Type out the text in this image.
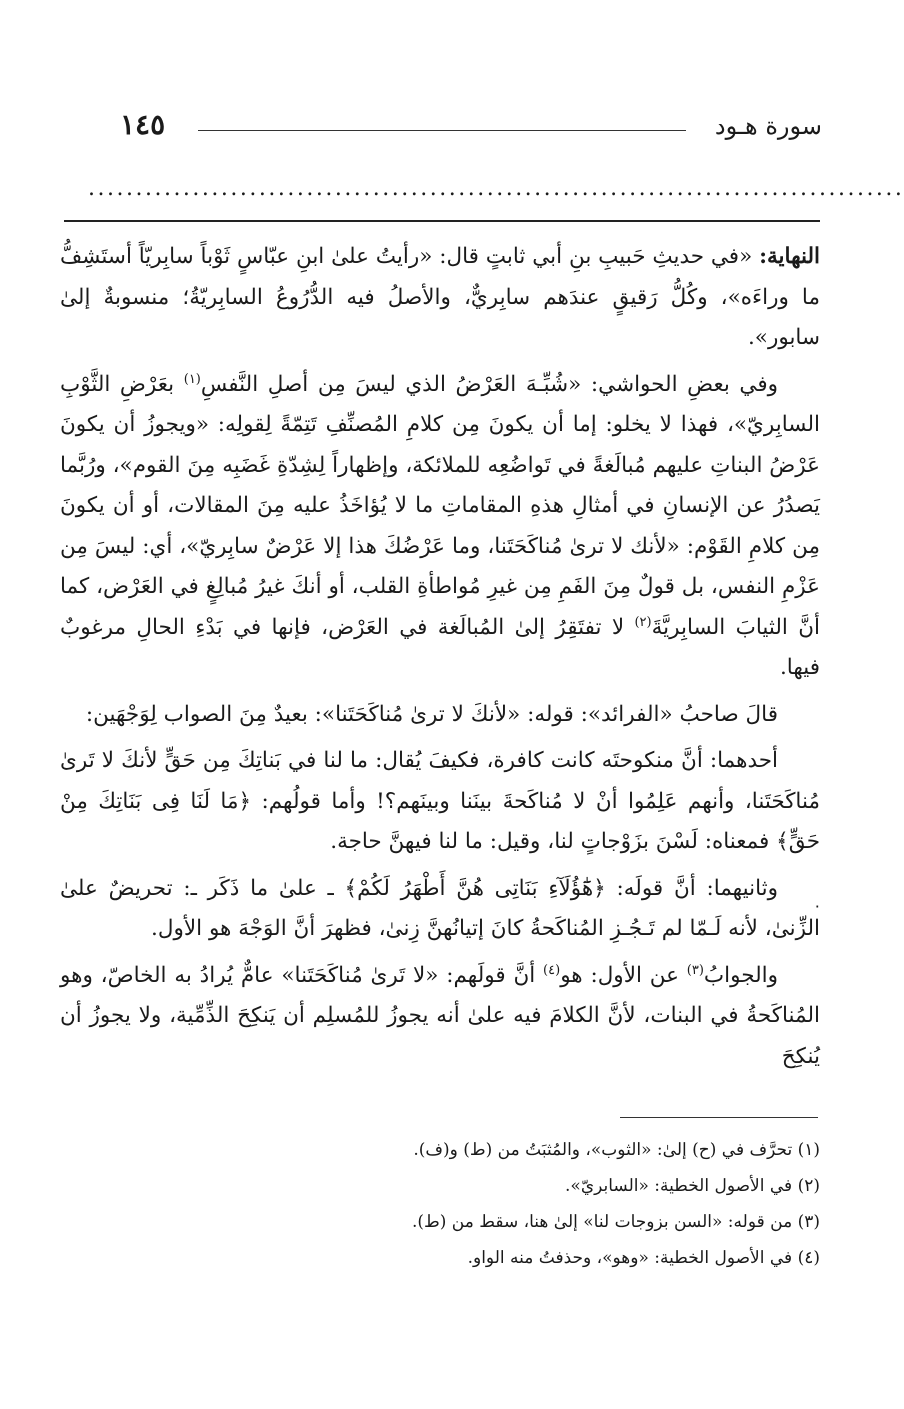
١٤٥	سورة هـود
......................................................................................

النهاية: «في حديثِ حَبيبِ بنِ أبي ثابتٍ قال: «رأيتُ علىٰ ابنِ عبّاسٍ ثَوْباً سابِريّاً أستَشِفُّ ما وراءَه»، وكُلُّ رَقيقٍ عندَهم سابِريٌّ، والأصلُ فيه الدُّرُوعُ السابِريّةُ؛ منسوبةٌ إلىٰ سابور».

وفي بعضِ الحواشي: «شُبِّـهَ العَرْضُ الذي ليسَ مِن أصلِ النَّفسِ$^{(١)}$ بعَرْضِ الثَّوْبِ السابِريّ»، فهذا لا يخلو: إما أن يكونَ مِن كلامِ المُصنِّفِ تَتِمّةً لِقولِه: «ويجوزُ أن يكونَ عَرْضُ البناتِ عليهم مُبالَغةً في تَواضُعِه للملائكة، وإظهاراً لِشِدّةِ غَضَبِه مِنَ القوم»، ورُبَّما يَصدُرُ عن الإنسانِ في أمثالِ هذهِ المقاماتِ ما لا يُؤاخَذُ عليه مِنَ المقالات، أو أن يكونَ مِن كلامِ القَوْم: «لأنك لا ترىٰ مُناكَحَتَنا، وما عَرْضُكَ هذا إلا عَرْضٌ سابِريّ»، أي: ليسَ مِن عَزْمِ النفس، بل قولٌ مِنَ الفَمِ مِن غيرِ مُواطأةِ القلب، أو أنكَ غيرُ مُبالِغٍ في العَرْض، كما أنَّ الثيابَ السابِريَّةَ$^{(٢)}$ لا تفتَقِرُ إلىٰ المُبالَغة في العَرْض، فإنها في بَدْءِ الحالِ مرغوبٌ فيها.

قالَ صاحبُ «الفرائد»: قوله: «لأنكَ لا ترىٰ مُناكَحَتَنا»: بعيدٌ مِنَ الصواب لِوَجْهَين:

أحدهما: أنَّ منكوحتَه كانت كافرة، فكيفَ يُقال: ما لنا في بَناتِكَ مِن حَقٍّ لأنكَ لا تَرىٰ مُناكَحَتَنا، وأنهم عَلِمُوا أنْ لا مُناكَحةَ بينَنا وبينَهم؟! وأما قولُهم: ﴿مَا لَنَا فِى بَنَاتِكَ مِنْ حَقٍّ﴾ فمعناه: لَسْنَ بزَوْجاتٍ لنا، وقيل: ما لنا فيهنَّ حاجة.

وثانيهما: أنَّ قولَه: ﴿هَٰٓؤُلَآءِ بَنَاتِى هُنَّ أَطْهَرُ لَكُمْ﴾ ـ علىٰ ما ذَكَر ـ: تحريضٌ علىٰ الزِّنىٰ، لأنه لَـمّا لم تَـجُـزِ المُناكَحةُ كانَ إتيانُهنَّ زِنىٰ، فظهرَ أنَّ الوَجْهَ هو الأول.

والجوابُ$^{(٣)}$ عن الأول: هو$^{(٤)}$ أنَّ قولَهم: «لا تَرىٰ مُناكَحَتَنا» عامٌّ يُرادُ به الخاصّ، وهو المُناكَحةُ في البنات، لأنَّ الكلامَ فيه علىٰ أنه يجوزُ للمُسلِم أن يَنكِحَ الذِّمِّية، ولا يجوزُ أن يُنكِحَ

٠
(١) تحرَّف في (ح) إلىٰ: «الثوب»، والمُثبَتُ من (ط) و(ف).
(٢) في الأصول الخطية: «السابريّ».
(٣) من قوله: «السن بزوجات لنا» إلىٰ هنا، سقط من (ط).
(٤) في الأصول الخطية: «وهو»، وحذفتُ منه الواو.
